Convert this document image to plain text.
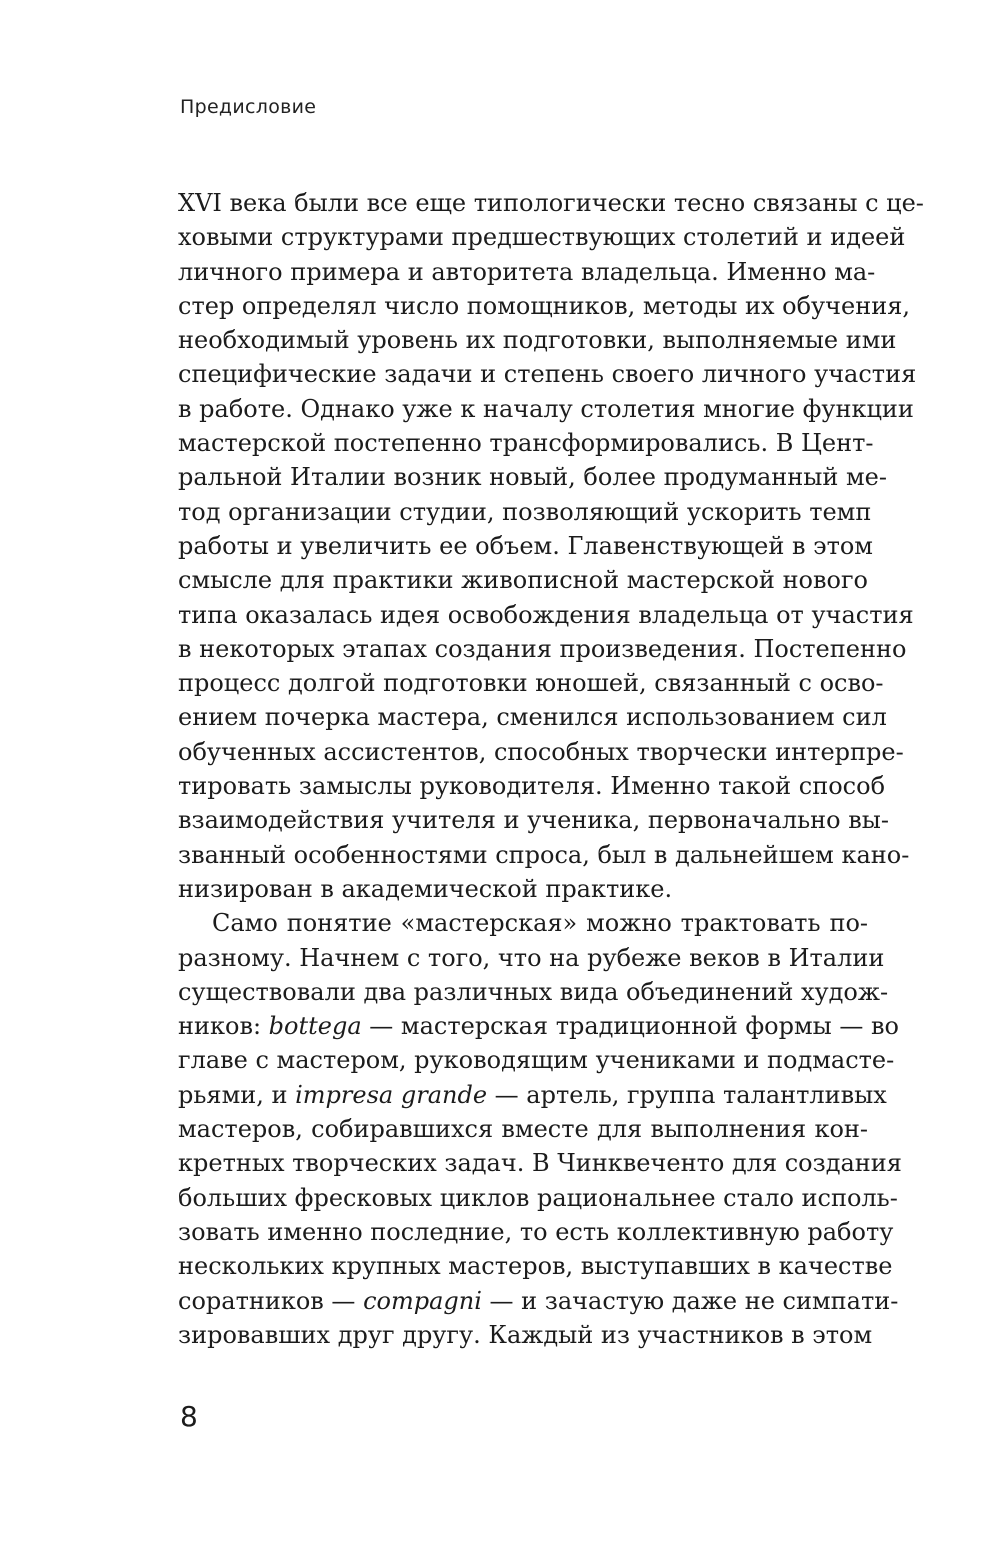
Предисловие
XVI века были все еще типологически тесно связаны с це-
ховыми структурами предшествующих столетий и идеей
личного примера и авторитета владельца. Именно ма-
стер определял число помощников, методы их обучения,
необходимый уровень их подготовки, выполняемые ими
специфические задачи и степень своего личного участия
в работе. Однако уже к началу столетия многие функции
мастерской постепенно трансформировались. В Цент-
ральной Италии возник новый, более продуманный ме-
тод организации студии, позволяющий ускорить темп
работы и увеличить ее объем. Главенствующей в этом
смысле для практики живописной мастерской нового
типа оказалась идея освобождения владельца от участия
в некоторых этапах создания произведения. Постепенно
процесс долгой подготовки юношей, связанный с осво-
ением почерка мастера, сменился использованием сил
обученных ассистентов, способных творчески интерпре-
тировать замыслы руководителя. Именно такой способ
взаимодействия учителя и ученика, первоначально вы-
званный особенностями спроса, был в дальнейшем кано-
низирован в академической практике.
Само понятие «мастерская» можно трактовать по-
разному. Начнем с того, что на рубеже веков в Италии
существовали два различных вида объединений худож-
ников: bottega — мастерская традиционной формы — во
главе с мастером, руководящим учениками и подмасте-
рьями, и impresa grande — артель, группа талантливых
мастеров, собиравшихся вместе для выполнения кон-
кретных творческих задач. В Чинквеченто для создания
больших фресковых циклов рациональнее стало исполь-
зовать именно последние, то есть коллективную работу
нескольких крупных мастеров, выступавших в качестве
соратников — compagni — и зачастую даже не симпати-
зировавших друг другу. Каждый из участников в этом
8
